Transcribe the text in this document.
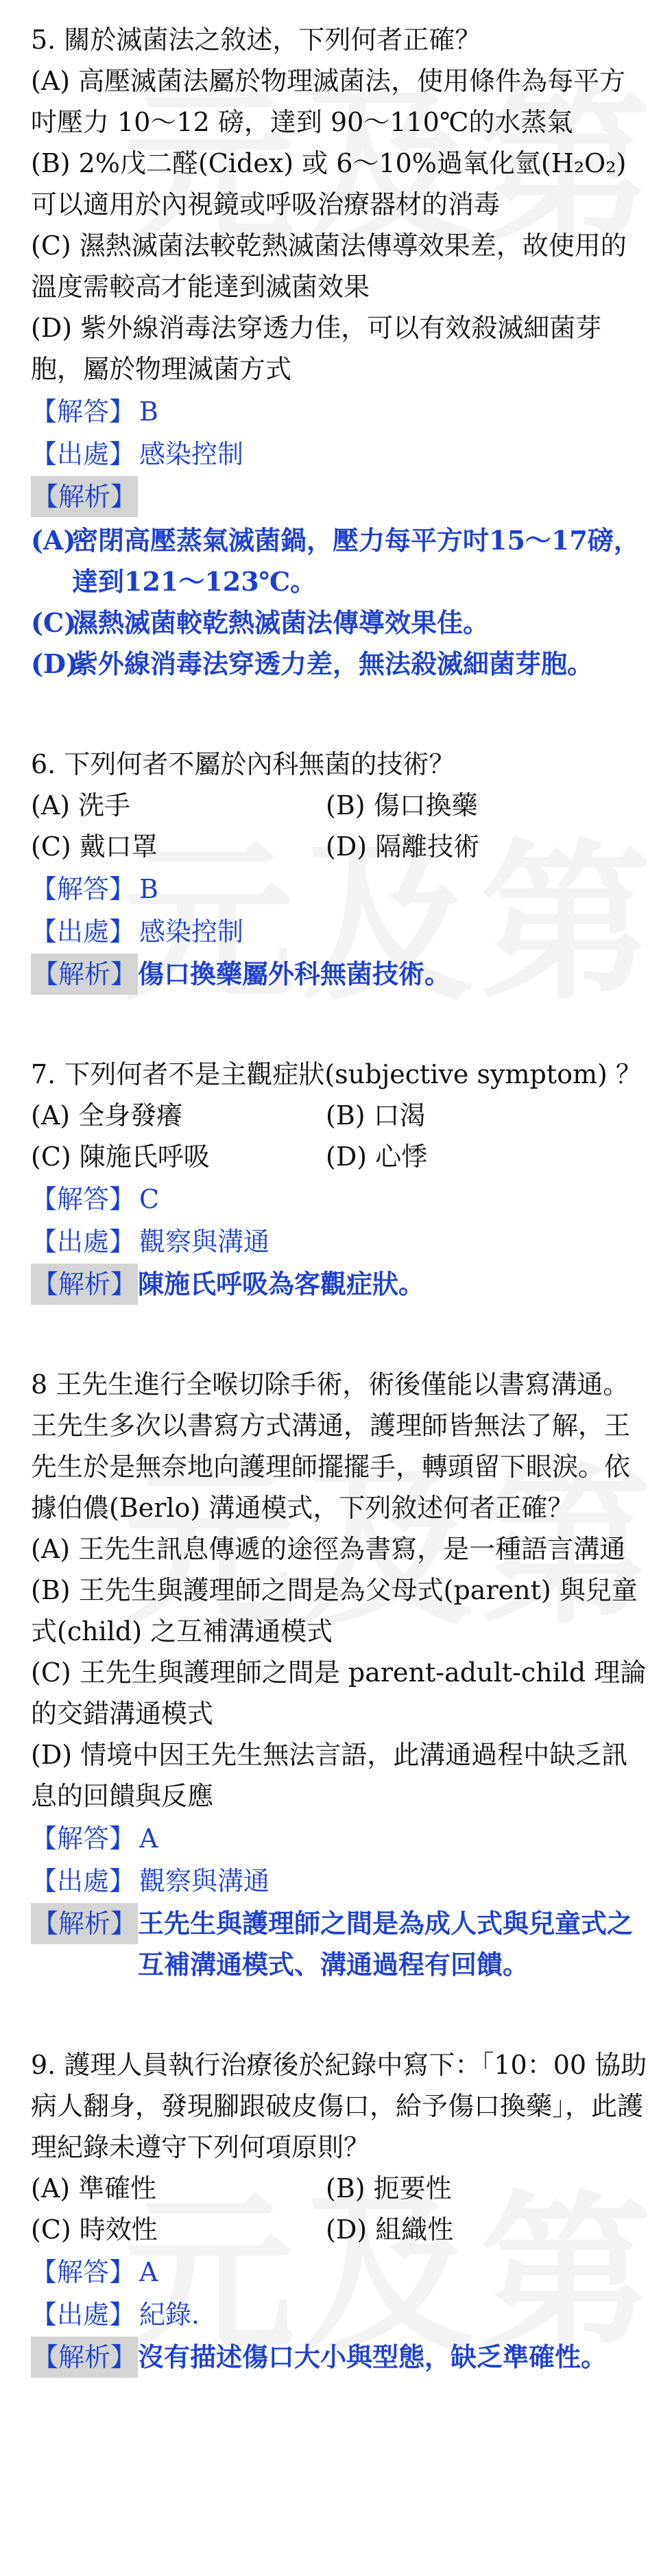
5. 關於滅菌法之敘述，下列何者正確？

(A) 高壓滅菌法屬於物理滅菌法，使用條件為每平方吋壓力 10～12 磅，達到 90～110℃的水蒸氣

(B) 2%戊二醛(Cidex) 或 6～10%過氧化氫(H₂O₂)可以適用於內視鏡或呼吸治療器材的消毒

(C) 濕熱滅菌法較乾熱滅菌法傳導效果差，故使用的溫度需較高才能達到滅菌效果

(D) 紫外線消毒法穿透力佳，可以有效殺滅細菌芽胞，屬於物理滅菌方式

【解答】 B
【出處】 感染控制
【解析】
(A)
密閉高壓蒸氣滅菌鍋，壓力每平方吋15～17磅，達到121～123℃。
(C)
濕熱滅菌較乾熱滅菌法傳導效果佳。
(D)
紫外線消毒法穿透力差，無法殺滅細菌芽胞。

6. 下列何者不屬於內科無菌的技術？

(A) 洗手	(B) 傷口換藥
(C) 戴口罩	(D) 隔離技術
【解答】 B
【出處】 感染控制
【解析】 傷口換藥屬外科無菌技術。

7. 下列何者不是主觀症狀(subjective symptom) ？

(A) 全身發癢	(B) 口渴
(C) 陳施氏呼吸	(D) 心悸
【解答】 C
【出處】 觀察與溝通
【解析】 陳施氏呼吸為客觀症狀。

8 王先生進行全喉切除手術，術後僅能以書寫溝通。王先生多次以書寫方式溝通，護理師皆無法了解，王先生於是無奈地向護理師擺擺手，轉頭留下眼淚。依據伯儂(Berlo) 溝通模式，下列敘述何者正確？

(A) 王先生訊息傳遞的途徑為書寫，是一種語言溝通

(B) 王先生與護理師之間是為父母式(parent) 與兒童式(child) 之互補溝通模式

(C) 王先生與護理師之間是 parent-adult-child 理論的交錯溝通模式

(D) 情境中因王先生無法言語，此溝通過程中缺乏訊息的回饋與反應

【解答】 A
【出處】 觀察與溝通
【解析】 王先生與護理師之間是為成人式與兒童式之互補溝通模式、溝通過程有回饋。

9. 護理人員執行治療後於紀錄中寫下：「10：00 協助病人翻身，發現腳跟破皮傷口，給予傷口換藥」，此護理紀錄未遵守下列何項原則？

(A) 準確性	(B) 扼要性
(C) 時效性	(D) 組織性
【解答】 A
【出處】 紀錄.
【解析】 沒有描述傷口大小與型態，缺乏準確性。
